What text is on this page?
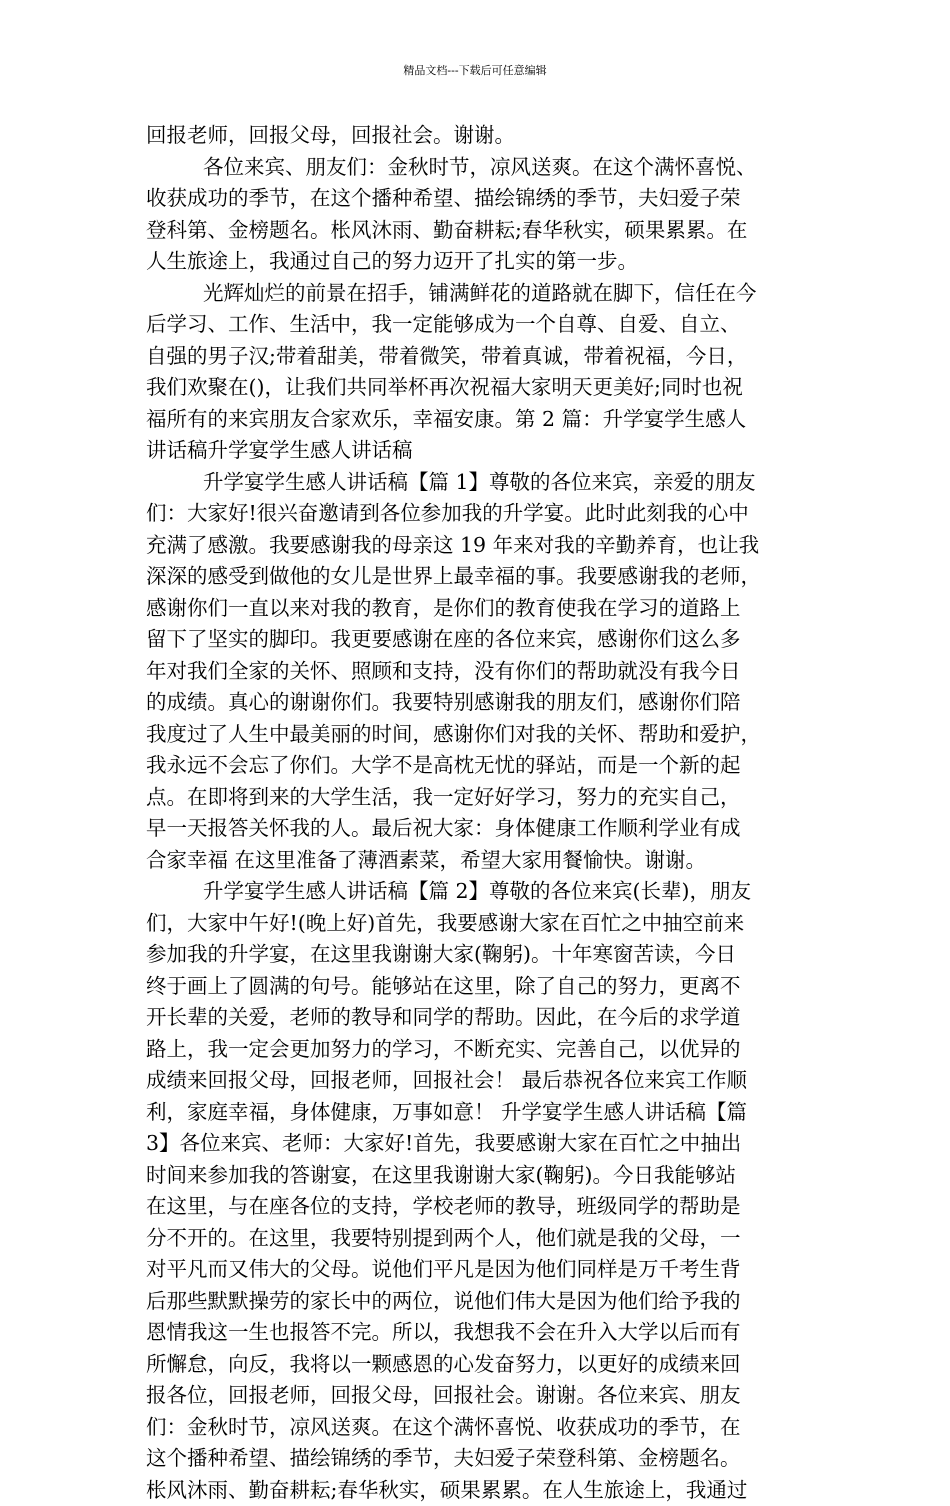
精品文档---下载后可任意编辑
回报老师，回报父母，回报社会。谢谢。
各位来宾、朋友们：金秋时节，凉风送爽。在这个满怀喜悦、
收获成功的季节，在这个播种希望、描绘锦绣的季节，夫妇爱子荣
登科第、金榜题名。枨风沐雨、勤奋耕耘;春华秋实，硕果累累。在
人生旅途上，我通过自己的努力迈开了扎实的第一步。
光辉灿烂的前景在招手，铺满鲜花的道路就在脚下，信任在今
后学习、工作、生活中，我一定能够成为一个自尊、自爱、自立、
自强的男子汉;带着甜美，带着微笑，带着真诚，带着祝福，今日，
我们欢聚在()，让我们共同举杯再次祝福大家明天更美好;同时也祝
福所有的来宾朋友合家欢乐，幸福安康。第 2 篇：升学宴学生感人
讲话稿升学宴学生感人讲话稿
升学宴学生感人讲话稿【篇 1】尊敬的各位来宾，亲爱的朋友
们：大家好!很兴奋邀请到各位参加我的升学宴。此时此刻我的心中
充满了感激。我要感谢我的母亲这 19 年来对我的辛勤养育，也让我
深深的感受到做他的女儿是世界上最幸福的事。我要感谢我的老师，
感谢你们一直以来对我的教育，是你们的教育使我在学习的道路上
留下了坚实的脚印。我更要感谢在座的各位来宾，感谢你们这么多
年对我们全家的关怀、照顾和支持，没有你们的帮助就没有我今日
的成绩。真心的谢谢你们。我要特别感谢我的朋友们，感谢你们陪
我度过了人生中最美丽的时间，感谢你们对我的关怀、帮助和爱护，
我永远不会忘了你们。大学不是高枕无忧的驿站，而是一个新的起
点。在即将到来的大学生活，我一定好好学习，努力的充实自己，
早一天报答关怀我的人。最后祝大家：身体健康工作顺利学业有成
合家幸福 在这里准备了薄酒素菜，希望大家用餐愉快。谢谢。
升学宴学生感人讲话稿【篇 2】尊敬的各位来宾(长辈)，朋友
们，大家中午好!(晚上好)首先，我要感谢大家在百忙之中抽空前来
参加我的升学宴，在这里我谢谢大家(鞠躬)。十年寒窗苦读，今日
终于画上了圆满的句号。能够站在这里，除了自己的努力，更离不
开长辈的关爱，老师的教导和同学的帮助。因此，在今后的求学道
路上，我一定会更加努力的学习，不断充实、完善自己，以优异的
成绩来回报父母，回报老师，回报社会！ 最后恭祝各位来宾工作顺
利，家庭幸福，身体健康，万事如意！ 升学宴学生感人讲话稿【篇
3】各位来宾、老师：大家好!首先，我要感谢大家在百忙之中抽出
时间来参加我的答谢宴，在这里我谢谢大家(鞠躬)。今日我能够站
在这里，与在座各位的支持，学校老师的教导，班级同学的帮助是
分不开的。在这里，我要特别提到两个人，他们就是我的父母，一
对平凡而又伟大的父母。说他们平凡是因为他们同样是万千考生背
后那些默默操劳的家长中的两位，说他们伟大是因为他们给予我的
恩情我这一生也报答不完。所以，我想我不会在升入大学以后而有
所懈怠，向反，我将以一颗感恩的心发奋努力，以更好的成绩来回
报各位，回报老师，回报父母，回报社会。谢谢。各位来宾、朋友
们：金秋时节，凉风送爽。在这个满怀喜悦、收获成功的季节，在
这个播种希望、描绘锦绣的季节，夫妇爱子荣登科第、金榜题名。
枨风沐雨、勤奋耕耘;春华秋实，硕果累累。在人生旅途上，我通过
